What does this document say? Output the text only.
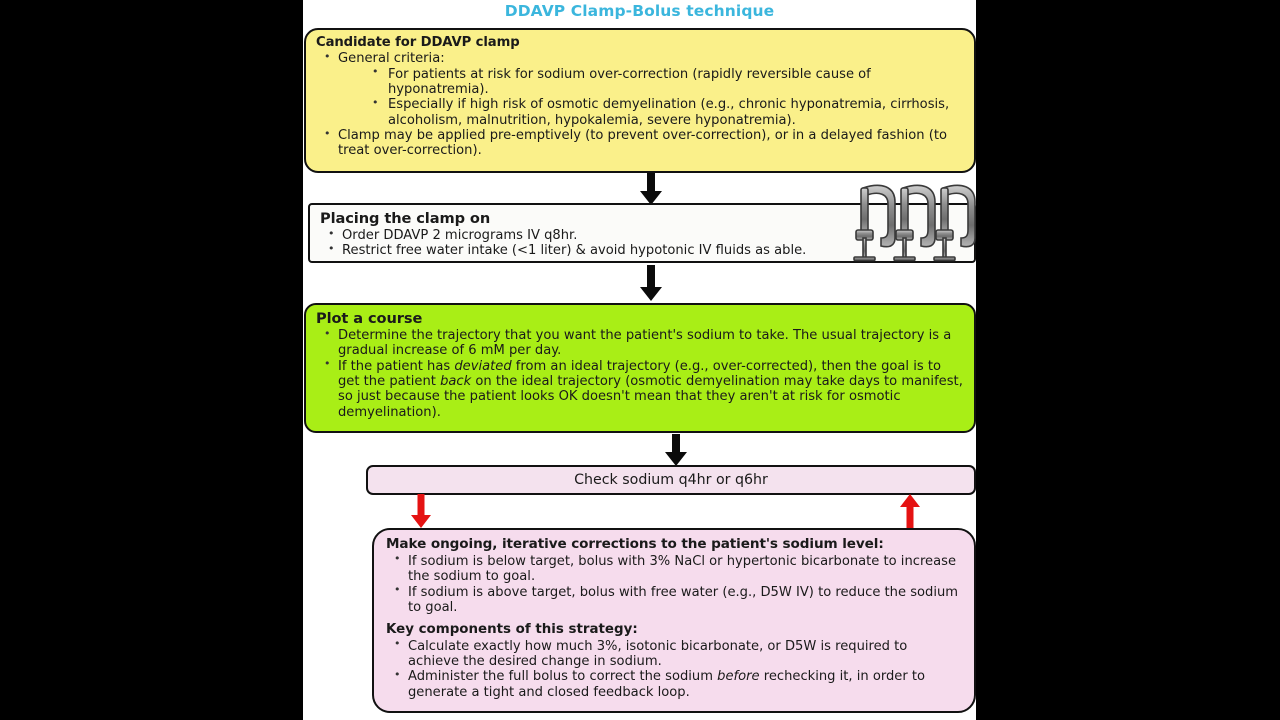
DDAVP Clamp-Bolus technique
Candidate for DDAVP clamp
• General criteria:
• For patients at risk for sodium over-correction (rapidly reversible cause of hyponatremia).
• Especially if high risk of osmotic demyelination (e.g., chronic hyponatremia, cirrhosis, alcoholism, malnutrition, hypokalemia, severe hyponatremia).
• Clamp may be applied pre-emptively (to prevent over-correction), or in a delayed fashion (to treat over-correction).
Placing the clamp on
• Order DDAVP 2 micrograms IV q8hr.
• Restrict free water intake (<1 liter) & avoid hypotonic IV fluids as able.
Plot a course
• Determine the trajectory that you want the patient's sodium to take. The usual trajectory is a gradual increase of 6 mM per day.
• If the patient has deviated from an ideal trajectory (e.g., over-corrected), then the goal is to get the patient back on the ideal trajectory (osmotic demyelination may take days to manifest, so just because the patient looks OK doesn't mean that they aren't at risk for osmotic demyelination).
Check sodium q4hr or q6hr
Make ongoing, iterative corrections to the patient's sodium level:
• If sodium is below target, bolus with 3% NaCl or hypertonic bicarbonate to increase the sodium to goal.
• If sodium is above target, bolus with free water (e.g., D5W IV) to reduce the sodium to goal.
Key components of this strategy:
• Calculate exactly how much 3%, isotonic bicarbonate, or D5W is required to achieve the desired change in sodium.
• Administer the full bolus to correct the sodium before rechecking it, in order to generate a tight and closed feedback loop.
